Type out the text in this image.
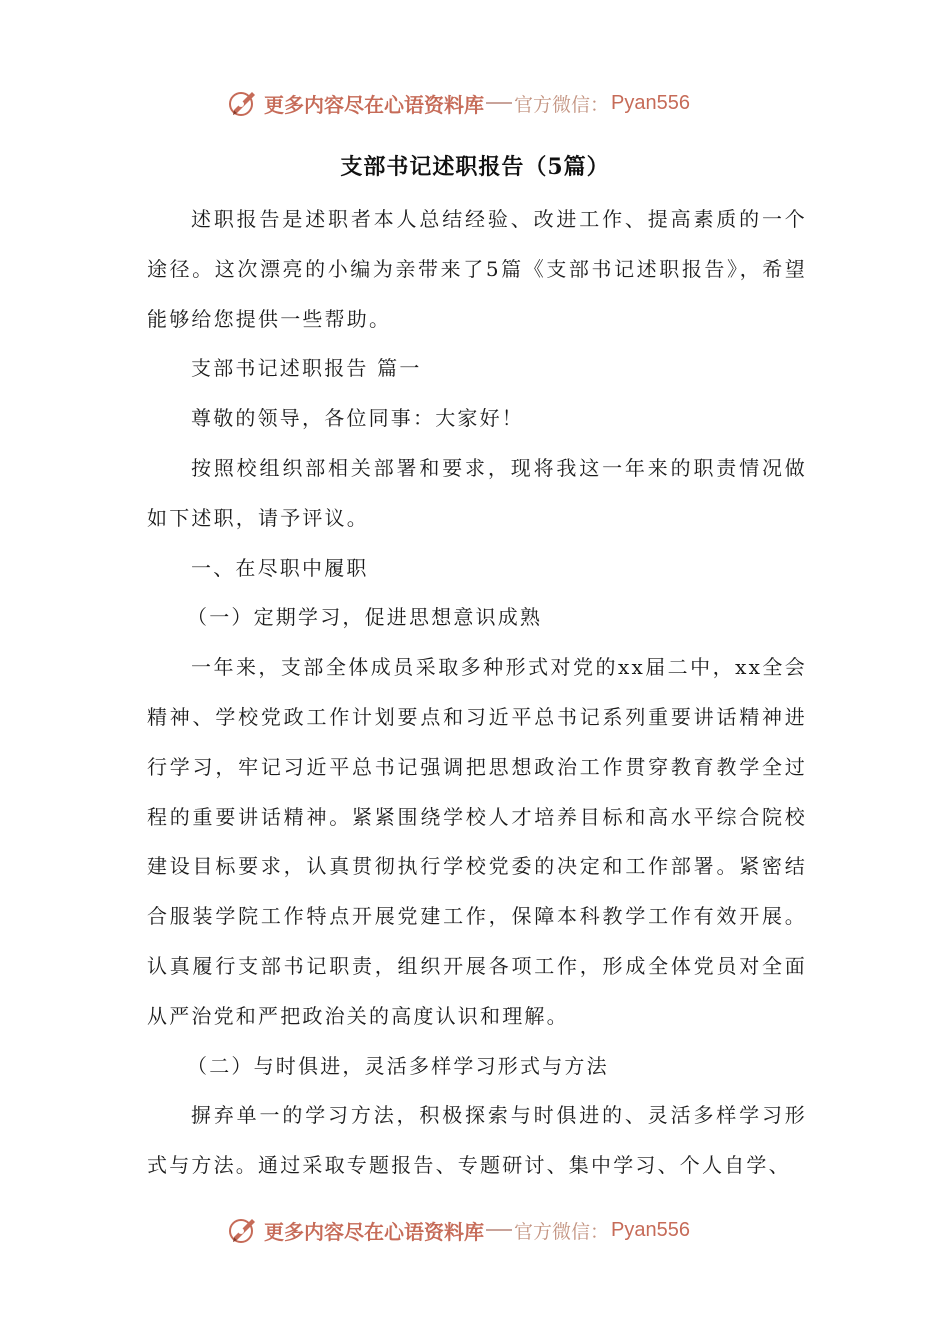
更多内容尽在心语资料库 官方微信： Pyan556
支部书记述职报告（5篇）

述职报告是述职者本人总结经验、改进工作、提高素质的一个途径。这次漂亮的小编为亲带来了5篇《支部书记述职报告》，希望能够给您提供一些帮助。

支部书记述职报告 篇一

尊敬的领导，各位同事：大家好！

按照校组织部相关部署和要求，现将我这一年来的职责情况做如下述职，请予评议。

一、在尽职中履职

（一）定期学习，促进思想意识成熟

一年来，支部全体成员采取多种形式对党的xx届二中，xx全会精神、学校党政工作计划要点和习近平总书记系列重要讲话精神进行学习，牢记习近平总书记强调把思想政治工作贯穿教育教学全过程的重要讲话精神。紧紧围绕学校人才培养目标和高水平综合院校建设目标要求，认真贯彻执行学校党委的决定和工作部署。紧密结合服装学院工作特点开展党建工作，保障本科教学工作有效开展。认真履行支部书记职责，组织开展各项工作，形成全体党员对全面从严治党和严把政治关的高度认识和理解。

（二）与时俱进，灵活多样学习形式与方法

摒弃单一的学习方法，积极探索与时俱进的、灵活多样学习形式与方法。通过采取专题报告、专题研讨、集中学习、个人自学、

更多内容尽在心语资料库 官方微信： Pyan556
